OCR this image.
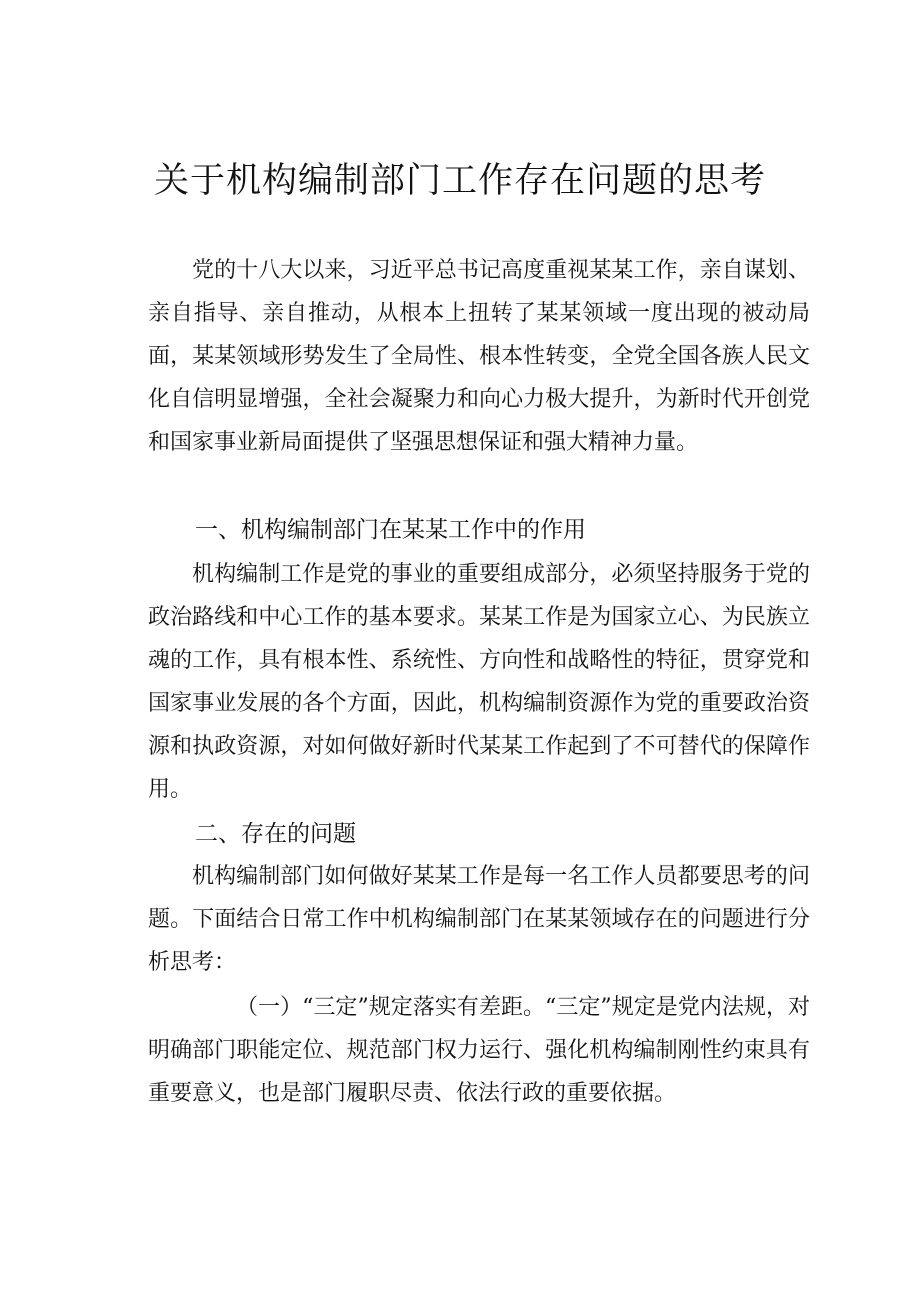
关于机构编制部门工作存在问题的思考

党的十八大以来，习近平总书记高度重视某某工作，亲自谋划、亲自指导、亲自推动，从根本上扭转了某某领域一度出现的被动局面，某某领域形势发生了全局性、根本性转变，全党全国各族人民文化自信明显增强，全社会凝聚力和向心力极大提升，为新时代开创党和国家事业新局面提供了坚强思想保证和强大精神力量。

一、机构编制部门在某某工作中的作用

机构编制工作是党的事业的重要组成部分，必须坚持服务于党的政治路线和中心工作的基本要求。某某工作是为国家立心、为民族立魂的工作，具有根本性、系统性、方向性和战略性的特征，贯穿党和国家事业发展的各个方面，因此，机构编制资源作为党的重要政治资源和执政资源，对如何做好新时代某某工作起到了不可替代的保障作用。

二、存在的问题

机构编制部门如何做好某某工作是每一名工作人员都要思考的问题。下面结合日常工作中机构编制部门在某某领域存在的问题进行分析思考：

（一）“三定”规定落实有差距。“三定”规定是党内法规，对明确部门职能定位、规范部门权力运行、强化机构编制刚性约束具有重要意义，也是部门履职尽责、依法行政的重要依据。
